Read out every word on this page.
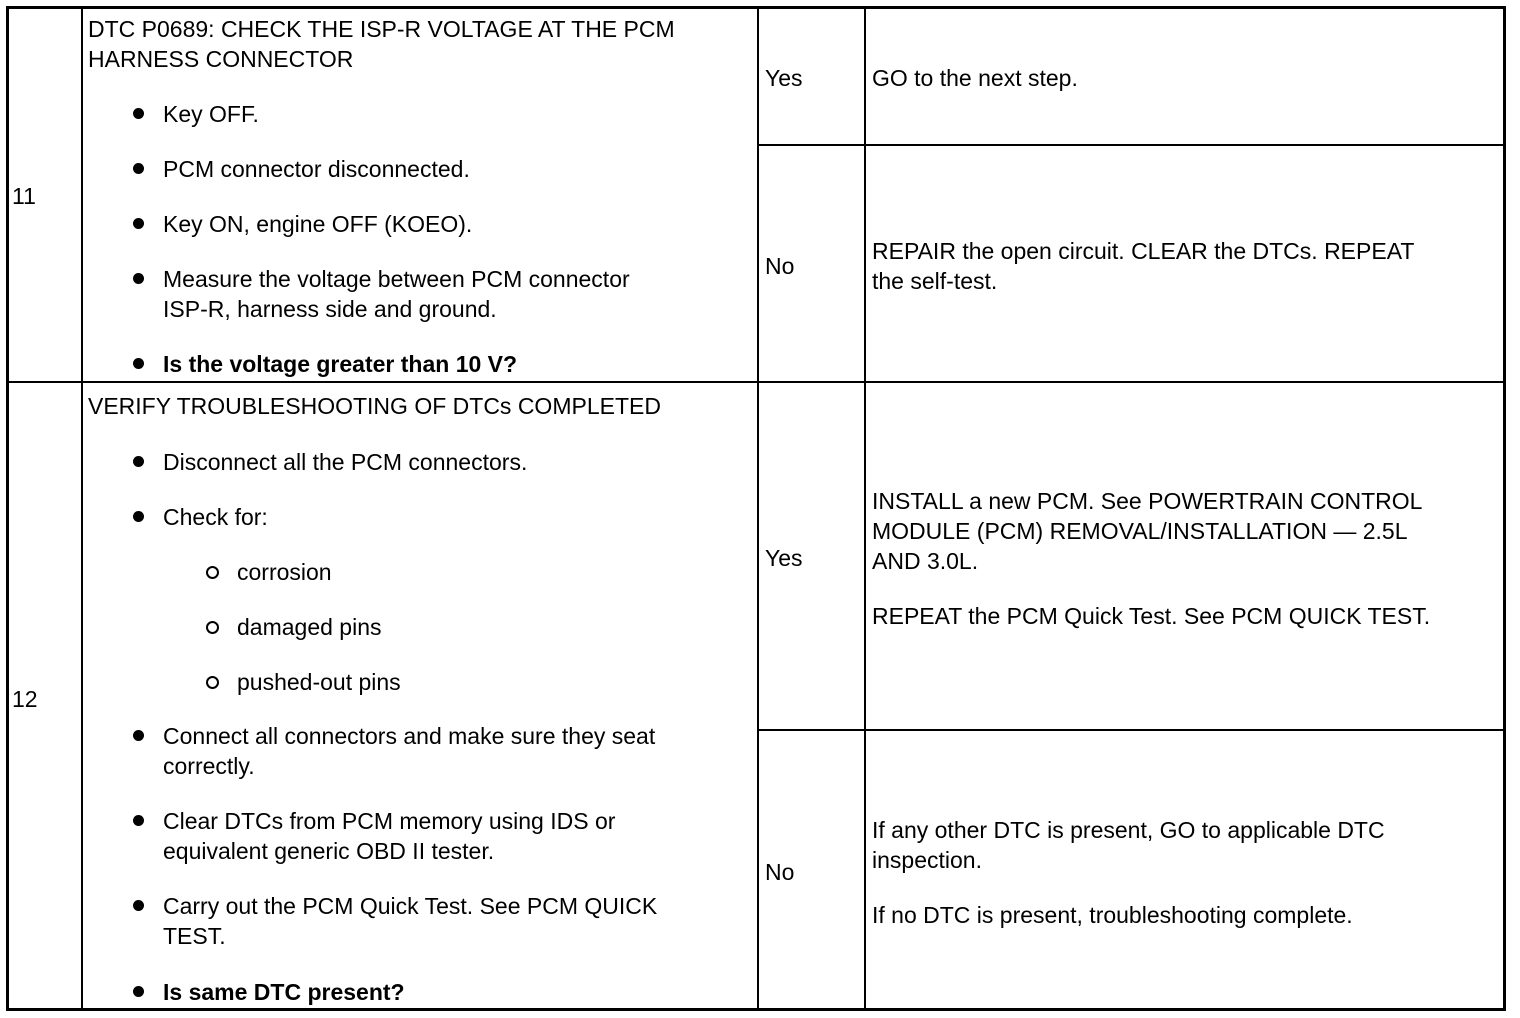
11
DTC P0689: CHECK THE ISP-R VOLTAGE AT THE PCM
HARNESS CONNECTOR
Key OFF.
PCM connector disconnected.
Key ON, engine OFF (KOEO).
Measure the voltage between PCM connector
ISP-R, harness side and ground.
Is the voltage greater than 10 V?
Yes	GO to the next step.
No
REPAIR the open circuit. CLEAR the DTCs. REPEAT
the self-test.
12
VERIFY TROUBLESHOOTING OF DTCs COMPLETED
Disconnect all the PCM connectors.
Check for:
corrosion
damaged pins
pushed-out pins
Connect all connectors and make sure they seat
correctly.
Clear DTCs from PCM memory using IDS or
equivalent generic OBD II tester.
Carry out the PCM Quick Test. See PCM QUICK
TEST.
Is same DTC present?
Yes
INSTALL a new PCM. See POWERTRAIN CONTROL
MODULE (PCM) REMOVAL/INSTALLATION — 2.5L
AND 3.0L.
REPEAT the PCM Quick Test. See PCM QUICK TEST.
No
If any other DTC is present, GO to applicable DTC
inspection.
If no DTC is present, troubleshooting complete.
